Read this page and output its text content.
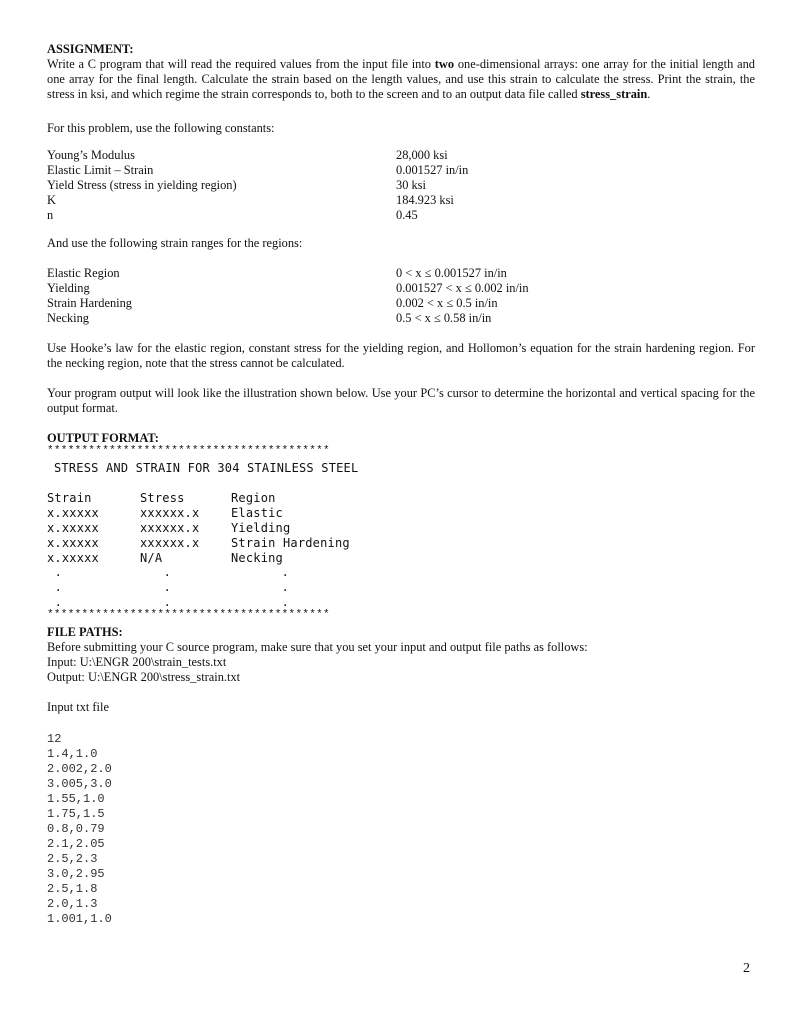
ASSIGNMENT:
Write a C program that will read the required values from the input file into two one-dimensional arrays: one array for the initial length and one array for the final length. Calculate the strain based on the length values, and use this strain to calculate the stress. Print the strain, the stress in ksi, and which regime the strain corresponds to, both to the screen and to an output data file called stress_strain.
For this problem, use the following constants:
Young’s Modulus	28,000 ksi
Elastic Limit – Strain	0.001527 in/in
Yield Stress (stress in yielding region)	30 ksi
K	184.923 ksi
n	0.45
And use the following strain ranges for the regions:
Elastic Region	0 < x ≤ 0.001527 in/in
Yielding	0.001527 < x ≤ 0.002 in/in
Strain Hardening	0.002 < x ≤ 0.5 in/in
Necking	0.5 < x ≤ 0.58 in/in
Use Hooke’s law for the elastic region, constant stress for the yielding region, and Hollomon’s equation for the strain hardening region. For the necking region, note that the stress cannot be calculated.
Your program output will look like the illustration shown below. Use your PC’s cursor to determine the horizontal and vertical spacing for the output format.
OUTPUT FORMAT:
*****************************************
STRESS AND STRAIN FOR 304 STAINLESS STEEL
Strain	Stress	Region
x.xxxxx	xxxxxx.x	Elastic
x.xxxxx	xxxxxx.x	Yielding
x.xxxxx	xxxxxx.x	Strain Hardening
x.xxxxx	N/A	Necking
.	.	.
.	.	.
.	.	.
*****************************************
FILE PATHS:
Before submitting your C source program, make sure that you set your input and output file paths as follows:
Input: U:\ENGR 200\strain_tests.txt
Output: U:\ENGR 200\stress_strain.txt
Input txt file
12
1.4,1.0
2.002,2.0
3.005,3.0
1.55,1.0
1.75,1.5
0.8,0.79
2.1,2.05
2.5,2.3
3.0,2.95
2.5,1.8
2.0,1.3
1.001,1.0
2
